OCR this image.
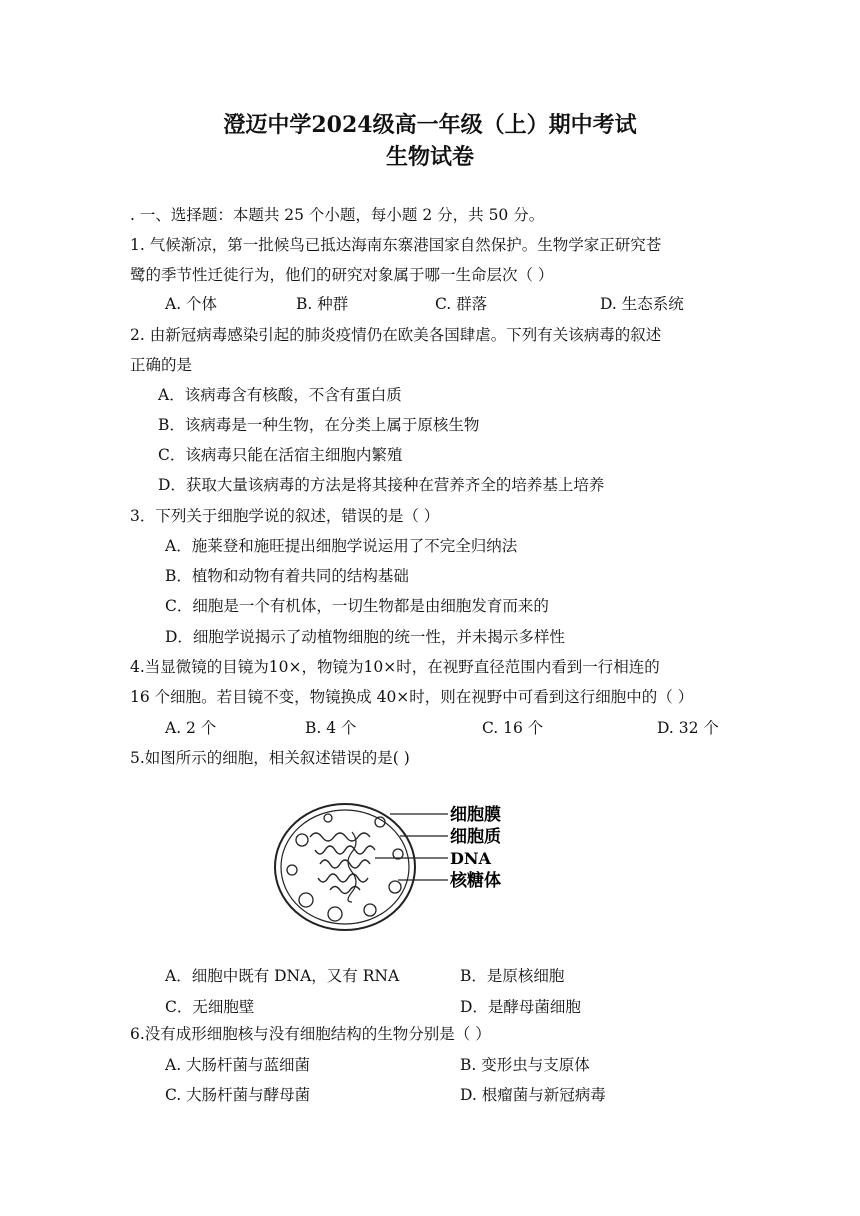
澄迈中学2024级高一年级（上）期中考试
生物试卷
. 一、选择题：本题共 25 个小题，每小题 2 分，共 50 分。
1. 气候渐凉，第一批候鸟已抵达海南东寨港国家自然保护。生物学家正研究苍
鹭的季节性迁徙行为，他们的研究对象属于哪一生命层次（ ）
A. 个体	B. 种群	C. 群落	D. 生态系统
2. 由新冠病毒感染引起的肺炎疫情仍在欧美各国肆虐。下列有关该病毒的叙述
正确的是
A．该病毒含有核酸，不含有蛋白质
B．该病毒是一种生物，在分类上属于原核生物
C．该病毒只能在活宿主细胞内繁殖
D．获取大量该病毒的方法是将其接种在营养齐全的培养基上培养
3．下列关于细胞学说的叙述，错误的是（ ）
A．施莱登和施旺提出细胞学说运用了不完全归纳法
B．植物和动物有着共同的结构基础
C．细胞是一个有机体，一切生物都是由细胞发育而来的
D．细胞学说揭示了动植物细胞的统一性，并未揭示多样性
4.当显微镜的目镜为10×，物镜为10×时，在视野直径范围内看到一行相连的
16 个细胞。若目镜不变，物镜换成 40×时，则在视野中可看到这行细胞中的（ ）
A. 2 个	B. 4 个	C. 16 个	D. 32 个
5.如图所示的细胞，相关叙述错误的是( )
细胞膜
细胞质
DNA
核糖体
A．细胞中既有 DNA，又有 RNA	B．是原核细胞
C．无细胞壁	D．是酵母菌细胞
6.没有成形细胞核与没有细胞结构的生物分别是（ ）
A. 大肠杆菌与蓝细菌	B. 变形虫与支原体
C. 大肠杆菌与酵母菌	D. 根瘤菌与新冠病毒
